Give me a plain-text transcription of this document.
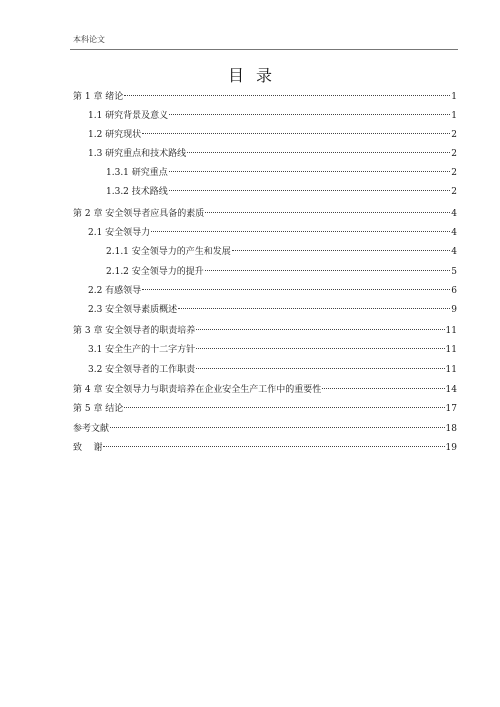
本科论文
目录
第 1 章 绪论	1
1.1 研究背景及意义	1
1.2 研究现状	2
1.3 研究重点和技术路线	2
1.3.1 研究重点	2
1.3.2 技术路线	2
第 2 章 安全领导者应具备的素质	4
2.1 安全领导力	4
2.1.1 安全领导力的产生和发展	4
2.1.2 安全领导力的提升	5
2.2 有感领导	6
2.3 安全领导素质概述	9
第 3 章 安全领导者的职责培养	11
3.1 安全生产的十二字方针	11
3.2 安全领导者的工作职责	11
第 4 章 安全领导力与职责培养在企业安全生产工作中的重要性	14
第 5 章 结论	17
参考文献	18
致    谢	19
